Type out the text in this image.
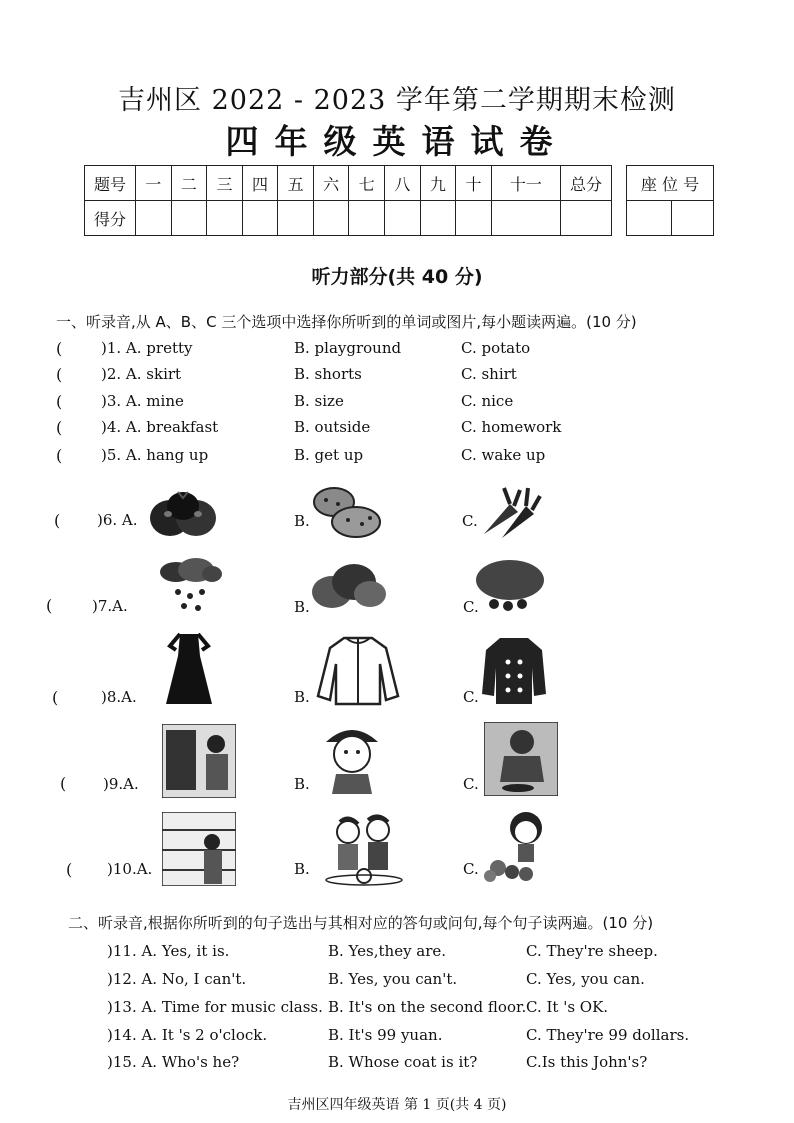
吉州区 2022 - 2023 学年第二学期期末检测
四年级英语试卷
题号	一	二	三	四	五	六	七	八	九	十	十一	总分
得分												
座 位 号

听力部分(共 40 分)
一、听录音,从 A、B、C 三个选项中选择你所听到的单词或图片,每小题读两遍。(10 分)
(	)1. A. pretty	B. playground	C. potato
(	)2. A. skirt	B. shorts	C. shirt
(	)3. A. mine	B. size	C. nice
(	)4. A. breakfast	B. outside	C. homework
(	)5. A. hang up	B. get up	C. wake up
( )6. A.	B.	C.
(	)7.A.	B.	C.
(	)8.A.	B.	C.
( )9.A.	B.	C.
( )10.A.	B.	C.
二、听录音,根据你所听到的句子选出与其相对应的答句或问句,每个句子读两遍。(10 分)
)11. A. Yes, it is.	B. Yes,they are.	C. They're sheep.
)12. A. No, I can't.	B. Yes, you can't.	C. Yes, you can.
)13. A. Time for music class. B. It's on the second floor. C. It 's OK.
)14. A. It 's 2 o'clock.	B. It's 99 yuan.	C. They're 99 dollars.
)15. A. Who's he?	B. Whose coat is it?	C.Is this John's?
吉州区四年级英语 第 1 页(共 4 页)
